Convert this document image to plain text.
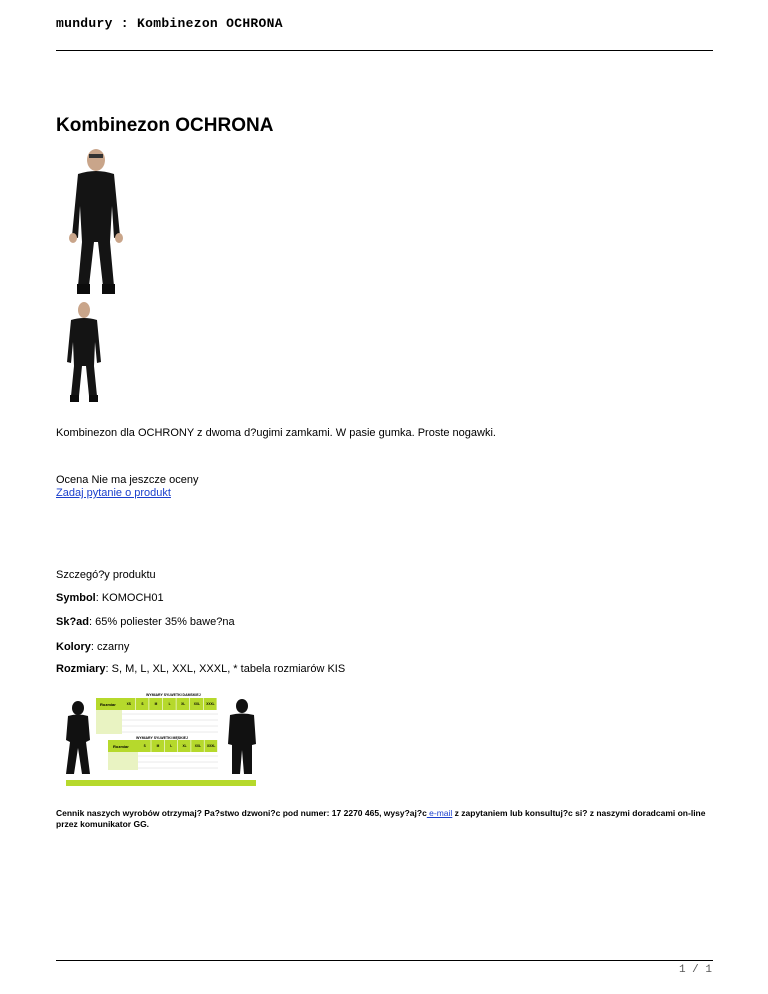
mundury : Kombinezon OCHRONA
Kombinezon OCHRONA
Kombinezon dla OCHRONY z dwoma d?ugimi zamkami. W pasie gumka. Proste nogawki.
Ocena Nie ma jeszcze oceny
Zadaj pytanie o produkt
Szczegó?y produktu
Symbol: KOMOCH01
Sk?ad: 65% poliester 35% bawe?na
Kolory: czarny
Rozmiary: S, M, L, XL, XXL, XXXL, * tabela rozmiarów KIS
WYMIARY SYLWETKI DAMSKIEJ
Rozmiar	XS	S	M	L	XL	XXL XXXL
WYMIARY SYLWETKI MĘSKIEJ
Rozmiar	S	M	L	XL	XXL XXXL
Cennik naszych wyrobów otrzymaj? Pa?stwo dzwoni?c pod numer: 17 2270 465, wysy?aj?c e-mail z zapytaniem lub konsultuj?c si? z naszymi doradcami on-line przez komunikator GG.
1 / 1
